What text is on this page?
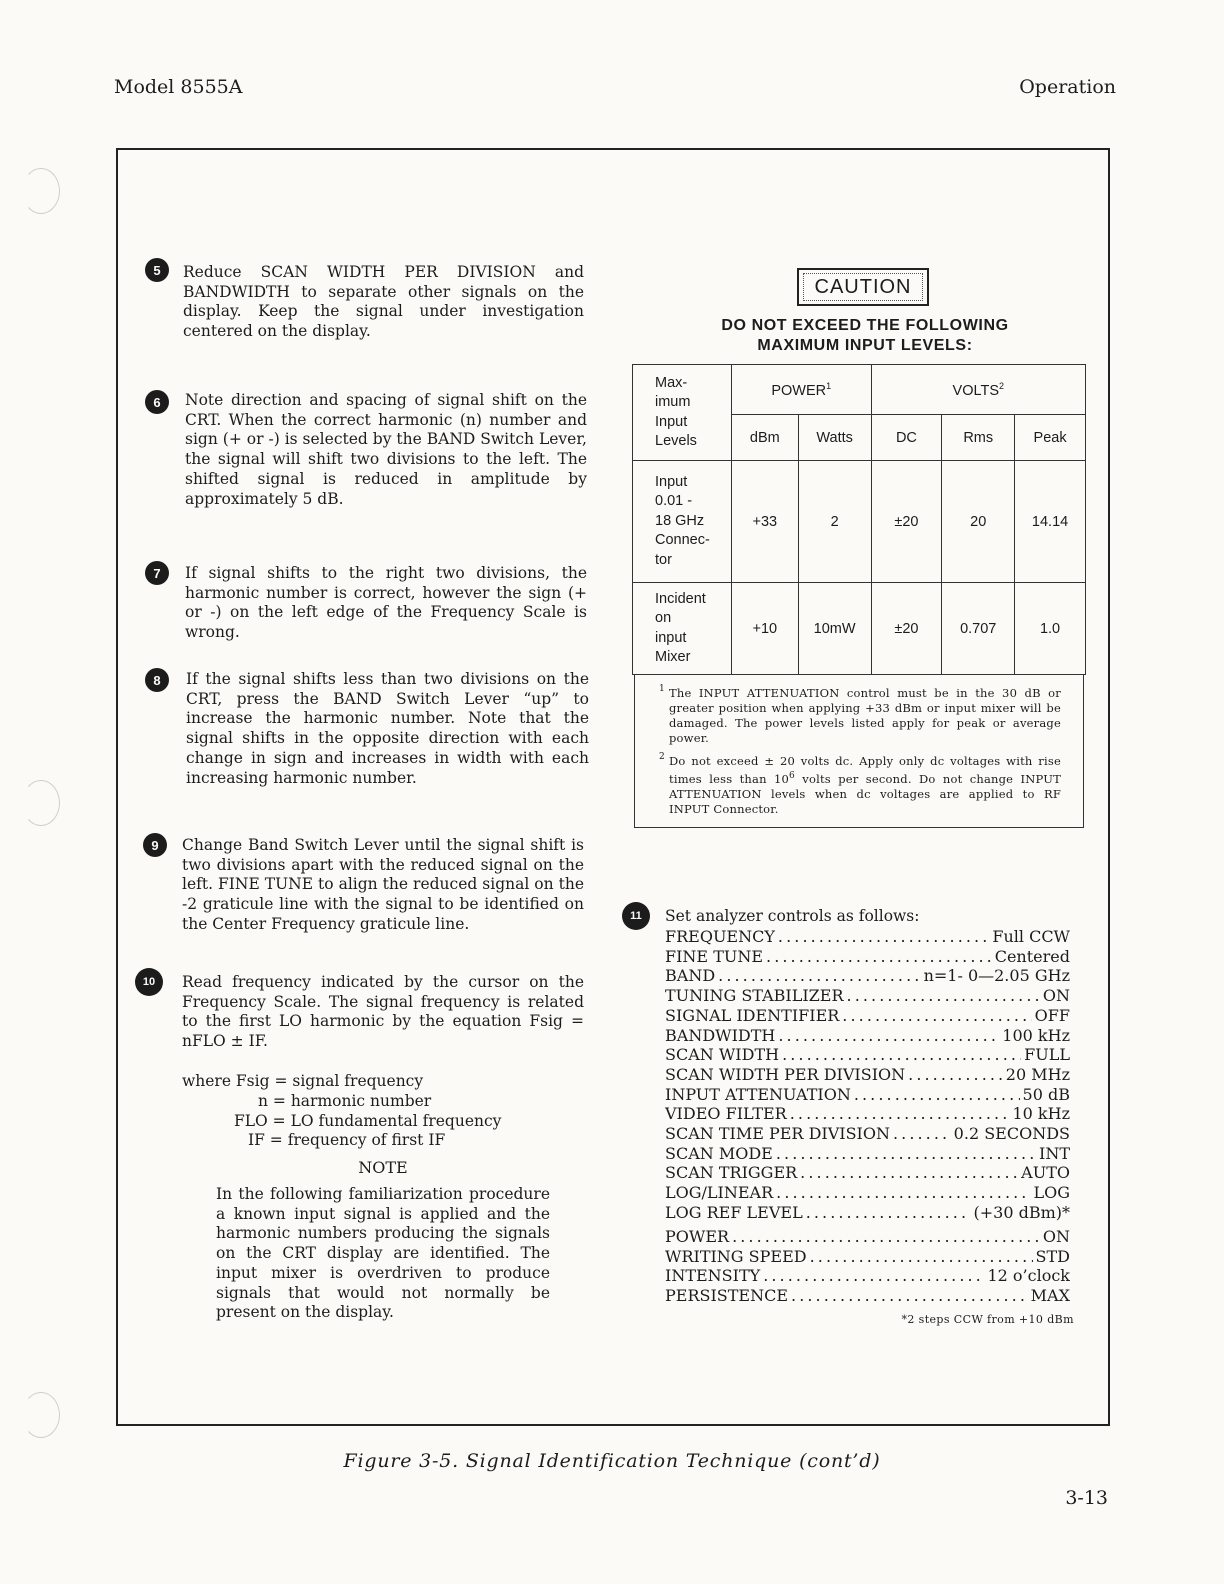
Model 8555A	Operation
5	Reduce SCAN WIDTH PER DIVISION and BANDWIDTH to separate other signals on the display. Keep the signal under investigation centered on the display.
6	Note direction and spacing of signal shift on the CRT. When the correct harmonic (n) number and sign (+ or -) is selected by the BAND Switch Lever, the signal will shift two divisions to the left. The shifted signal is reduced in amplitude by approximately 5 dB.
7	If signal shifts to the right two divisions, the harmonic number is correct, however the sign (+ or -) on the left edge of the Frequency Scale is wrong.
8	If the signal shifts less than two divisions on the CRT, press the BAND Switch Lever “up” to increase the harmonic number. Note that the signal shifts in the opposite direction with each change in sign and increases in width with each increasing harmonic number.
9	Change Band Switch Lever until the signal shift is two divisions apart with the reduced signal on the left. FINE TUNE to align the reduced signal on the -2 graticule line with the signal to be identified on the Center Frequency graticule line.
10	Read frequency indicated by the cursor on the Frequency Scale. The signal frequency is related to the first LO harmonic by the equation Fsig = nFLO ± IF.
where Fsig = signal frequency
n = harmonic number
FLO = LO fundamental frequency
IF = frequency of first IF
NOTE
In the following familiarization procedure a known input signal is applied and the harmonic numbers producing the signals on the CRT display are identified. The input mixer is overdriven to produce signals that would not normally be present on the display.
CAUTION
DO NOT EXCEED THE FOLLOWING
MAXIMUM INPUT LEVELS:
Max-
imum
Input
Levels	POWER$^1$		VOLTS$^2$
	dBm	Watts	DC	Rms	Peak

Input
0.01 -
18 GHz
Connec-
tor	+33	2	±20	20	14.14

Incident
on
input
Mixer	+10	10mW	±20	0.707	1.0
1 The INPUT ATTENUATION control must be in the 30 dB or greater position when applying +33 dBm or input mixer will be damaged. The power levels listed apply for peak or average power.
2 Do not exceed ± 20 volts dc. Apply only dc voltages with rise times less than $10^6$ volts per second. Do not change INPUT ATTENUATION levels when dc voltages are applied to RF INPUT Connector.
11	Set analyzer controls as follows:
FREQUENCY . . .	Full CCW
FINE TUNE . . .	Centered
BAND . . .	n=1- 0—2.05 GHz
TUNING STABILIZER . . .	ON
SIGNAL IDENTIFIER . . .	OFF
BANDWIDTH . . .	100 kHz
SCAN WIDTH . . .	FULL
SCAN WIDTH PER DIVISION . . .	20 MHz
INPUT ATTENUATION . . .	50 dB
VIDEO FILTER . . .	10 kHz
SCAN TIME PER DIVISION . . .	0.2 SECONDS
SCAN MODE . . .	INT
SCAN TRIGGER . . .	AUTO
LOG/LINEAR . . .	LOG
LOG REF LEVEL . . .	(+30 dBm)*
POWER . . .	ON
WRITING SPEED . . .	STD
INTENSITY . . .	12 o’clock
PERSISTENCE . . .	MAX
*2 steps CCW from +10 dBm
Figure 3-5. Signal Identification Technique (cont’d)
3-13
